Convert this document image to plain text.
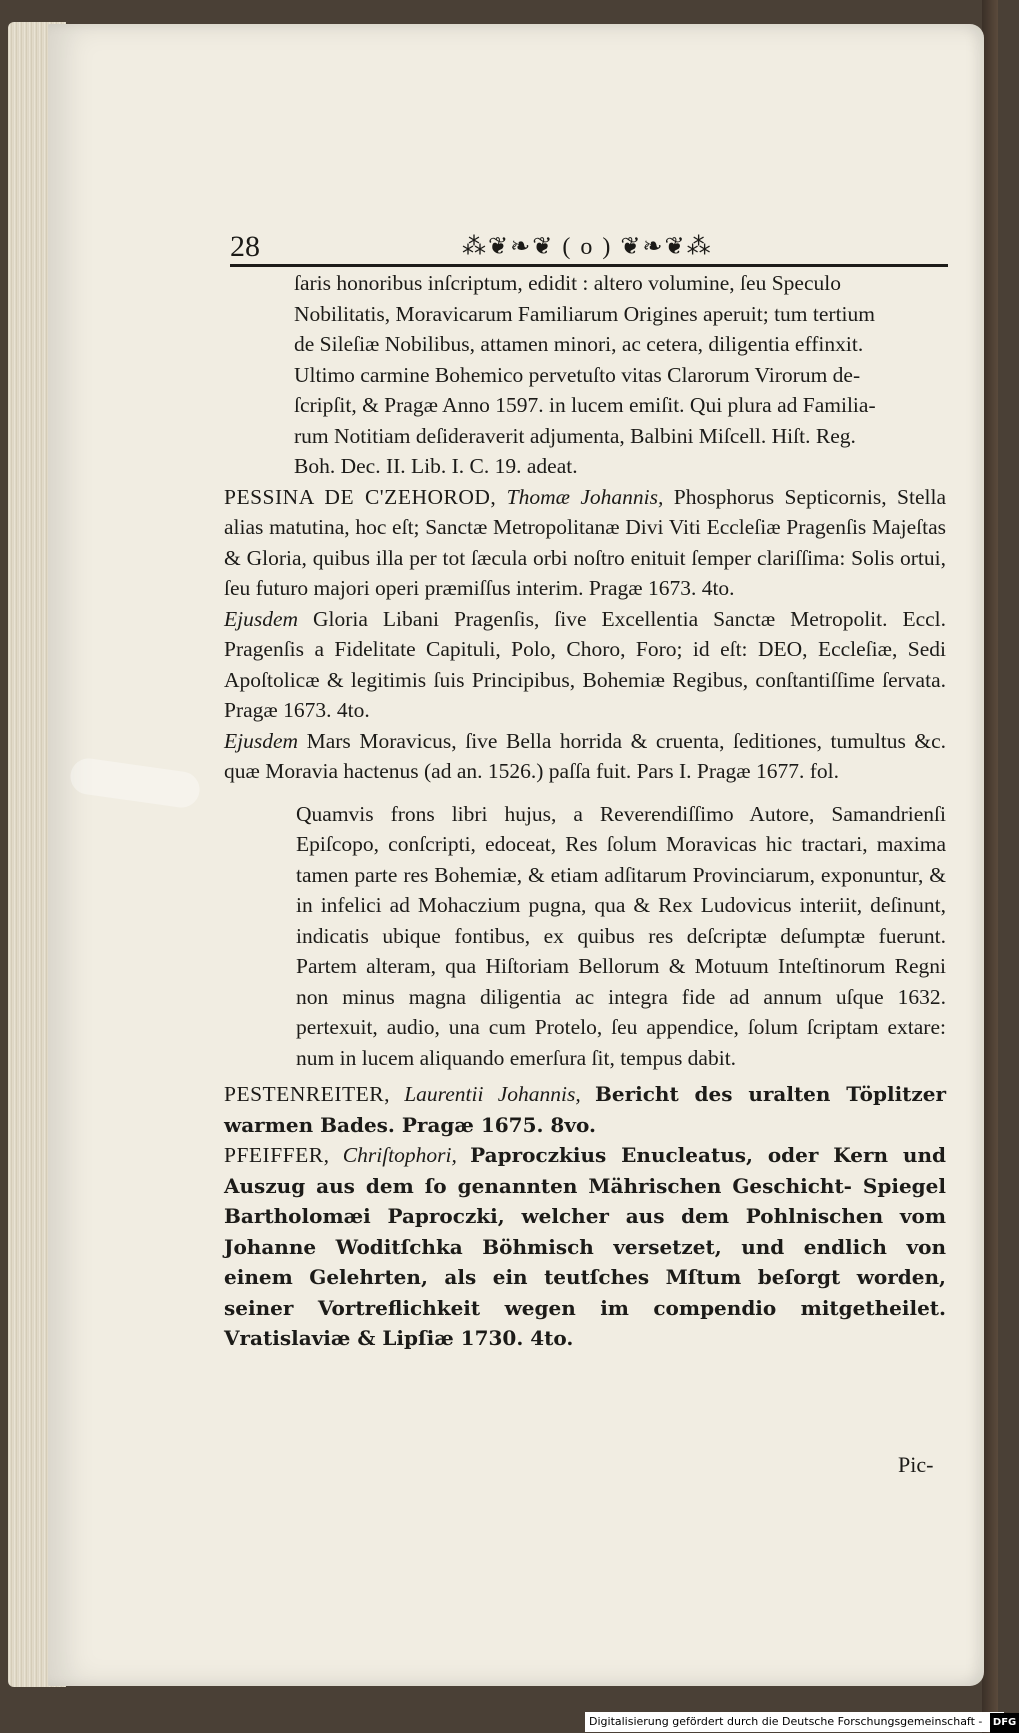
28	⁂❦❧❦ ( o ) ❦❧❦⁂
ſaris honoribus inſcriptum, edidit : altero volumine, ſeu Speculo
Nobilitatis, Moravicarum Familiarum Origines aperuit; tum tertium
de Sileſiæ Nobilibus, attamen minori, ac cetera, diligentia effinxit.
Ultimo carmine Bohemico pervetuſto vitas Clarorum Virorum de-
ſcripſit, & Pragæ Anno 1597. in lucem emiſit. Qui plura ad Familia-
rum Notitiam deſideraverit adjumenta, Balbini Miſcell. Hiſt. Reg.
Boh. Dec. II. Lib. I. C. 19. adeat.
PESSINA DE C'ZEHOROD, Thomæ Johannis, Phosphorus Septicornis, Stella alias matutina, hoc eſt; Sanctæ Metropolitanæ Divi Viti Eccleſiæ Pragenſis Majeſtas & Gloria, quibus illa per tot ſæcula orbi noſtro enituit ſemper clariſſima: Solis ortui, ſeu futuro majori operi præmiſſus interim. Pragæ 1673. 4to.
Ejusdem Gloria Libani Pragenſis, ſive Excellentia Sanctæ Metropolit. Eccl. Pragenſis a Fidelitate Capituli, Polo, Choro, Foro; id eſt: DEO, Eccleſiæ, Sedi Apoſtolicæ & legitimis ſuis Principibus, Bohemiæ Regibus, conſtantiſſime ſervata. Pragæ 1673. 4to.
Ejusdem Mars Moravicus, ſive Bella horrida & cruenta, ſeditiones, tumultus &c. quæ Moravia hactenus (ad an. 1526.) paſſa fuit. Pars I. Pragæ 1677. fol.
Quamvis frons libri hujus, a Reverendiſſimo Autore, Samandrienſi Epiſcopo, conſcripti, edoceat, Res ſolum Moravicas hic tractari, maxima tamen parte res Bohemiæ, & etiam adſitarum Provinciarum, exponuntur, & in infelici ad Mohaczium pugna, qua & Rex Ludovicus interiit, deſinunt, indicatis ubique fontibus, ex quibus res deſcriptæ deſumptæ fuerunt. Partem alteram, qua Hiſtoriam Bellorum & Motuum Inteſtinorum Regni non minus magna diligentia ac integra fide ad annum uſque 1632. pertexuit, audio, una cum Protelo, ſeu appendice, ſolum ſcriptam extare: num in lucem aliquando emerſura ſit, tempus dabit.
PESTENREITER, Laurentii Johannis, Bericht des uralten Töplitzer warmen Bades. Pragæ 1675. 8vo.
PFEIFFER, Chriſtophori, Paproczkius Enucleatus, oder Kern und Auszug aus dem ſo genannten Mährischen Geschicht- Spiegel Bartholomæi Paproczki, welcher aus dem Pohlnischen vom Johanne Woditſchka Böhmisch versetzet, und endlich von einem Gelehrten, als ein teutſches Mſtum beſorgt worden, seiner Vortreflichkeit wegen im compendio mitgetheilet. Vratislaviæ & Lipſiæ 1730. 4to.
Pic-
Digitalisierung gefördert durch die Deutsche Forschungsgemeinschaft - DFG
